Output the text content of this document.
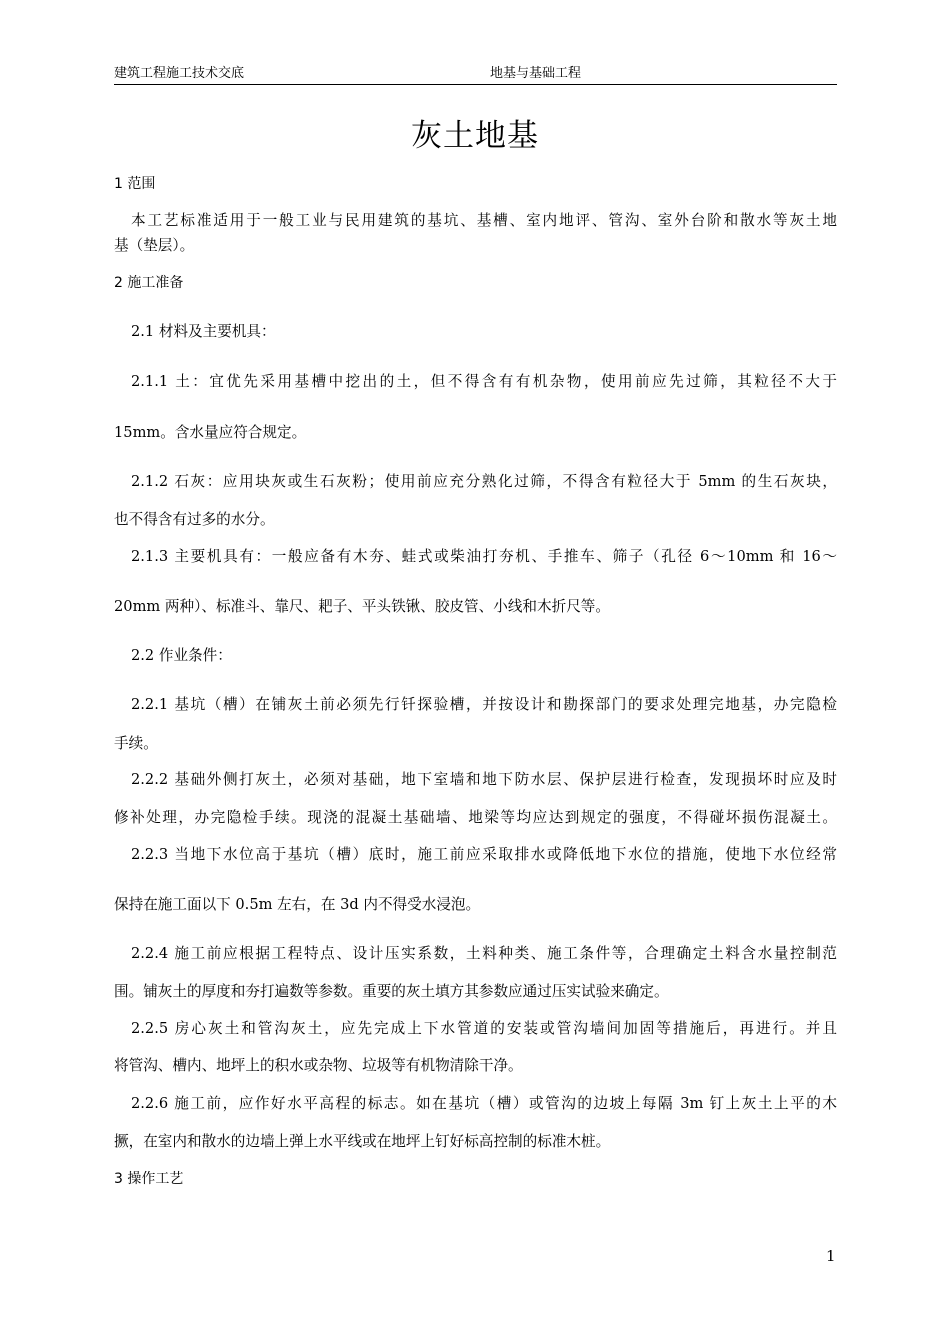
建筑工程施工技术交底	地基与基础工程
灰土地基
1 范围
本工艺标准适用于一般工业与民用建筑的基坑、基槽、室内地评、管沟、室外台阶和散水等灰土地
基（垫层）。
2 施工准备
2.1 材料及主要机具：
2.1.1 土：宜优先采用基槽中挖出的土，但不得含有有机杂物，使用前应先过筛，其粒径不大于
15mm。含水量应符合规定。
2.1.2 石灰：应用块灰或生石灰粉；使用前应充分熟化过筛，不得含有粒径大于 5mm 的生石灰块，
也不得含有过多的水分。
2.1.3 主要机具有：一般应备有木夯、蛙式或柴油打夯机、手推车、筛子（孔径 6～10mm 和 16～
20mm 两种）、标准斗、靠尺、耙子、平头铁锹、胶皮管、小线和木折尺等。
2.2 作业条件：
2.2.1 基坑（槽）在铺灰土前必须先行钎探验槽，并按设计和勘探部门的要求处理完地基，办完隐检
手续。
2.2.2 基础外侧打灰土，必须对基础，地下室墙和地下防水层、保护层进行检查，发现损坏时应及时
修补处理，办完隐检手续。现浇的混凝土基础墙、地梁等均应达到规定的强度，不得碰坏损伤混凝土。
2.2.3 当地下水位高于基坑（槽）底时，施工前应采取排水或降低地下水位的措施，使地下水位经常
保持在施工面以下 0.5m 左右，在 3d 内不得受水浸泡。
2.2.4 施工前应根据工程特点、设计压实系数，土料种类、施工条件等，合理确定土料含水量控制范
围。铺灰土的厚度和夯打遍数等参数。重要的灰土填方其参数应通过压实试验来确定。
2.2.5 房心灰土和管沟灰土，应先完成上下水管道的安装或管沟墙间加固等措施后，再进行。并且
将管沟、槽内、地坪上的积水或杂物、垃圾等有机物清除干净。
2.2.6 施工前，应作好水平高程的标志。如在基坑（槽）或管沟的边坡上每隔 3m 钉上灰土上平的木
撅，在室内和散水的边墙上弹上水平线或在地坪上钉好标高控制的标准木桩。
3 操作工艺
1
